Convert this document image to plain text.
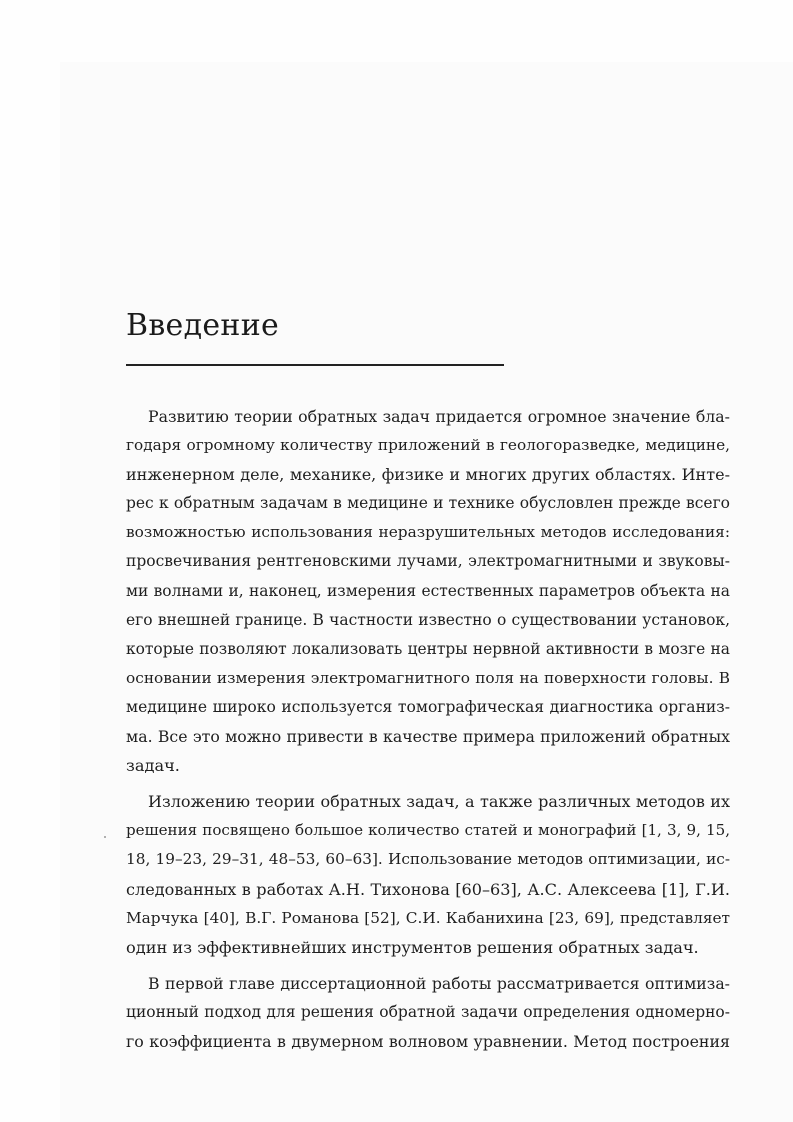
Введение

Развитию теории обратных задач придается огромное значение бла-
годаря огромному количеству приложений в геологоразведке, медицине,
инженерном деле, механике, физике и многих других областях. Инте-
рес к обратным задачам в медицине и технике обусловлен прежде всего
возможностью использования неразрушительных методов исследования:
просвечивания рентгеновскими лучами, электромагнитными и звуковы-
ми волнами и, наконец, измерения естественных параметров объекта на
его внешней границе. В частности известно о существовании установок,
которые позволяют локализовать центры нервной активности в мозге на
основании измерения электромагнитного поля на поверхности головы. В
медицине широко используется томографическая диагностика организ-
ма. Все это можно привести в качестве примера приложений обратных
задач.

Изложению теории обратных задач, а также различных методов их
решения посвящено большое количество статей и монографий [1, 3, 9, 15,
18, 19–23, 29–31, 48–53, 60–63]. Использование методов оптимизации, ис-
следованных в работах А.Н. Тихонова [60–63], А.С. Алексеева [1], Г.И.
Марчука [40], В.Г. Романова [52], С.И. Кабанихина [23, 69], представляет
один из эффективнейших инструментов решения обратных задач.

В первой главе диссертационной работы рассматривается оптимиза-
ционный подход для решения обратной задачи определения одномерно-
го коэффициента в двумерном волновом уравнении. Метод построения
